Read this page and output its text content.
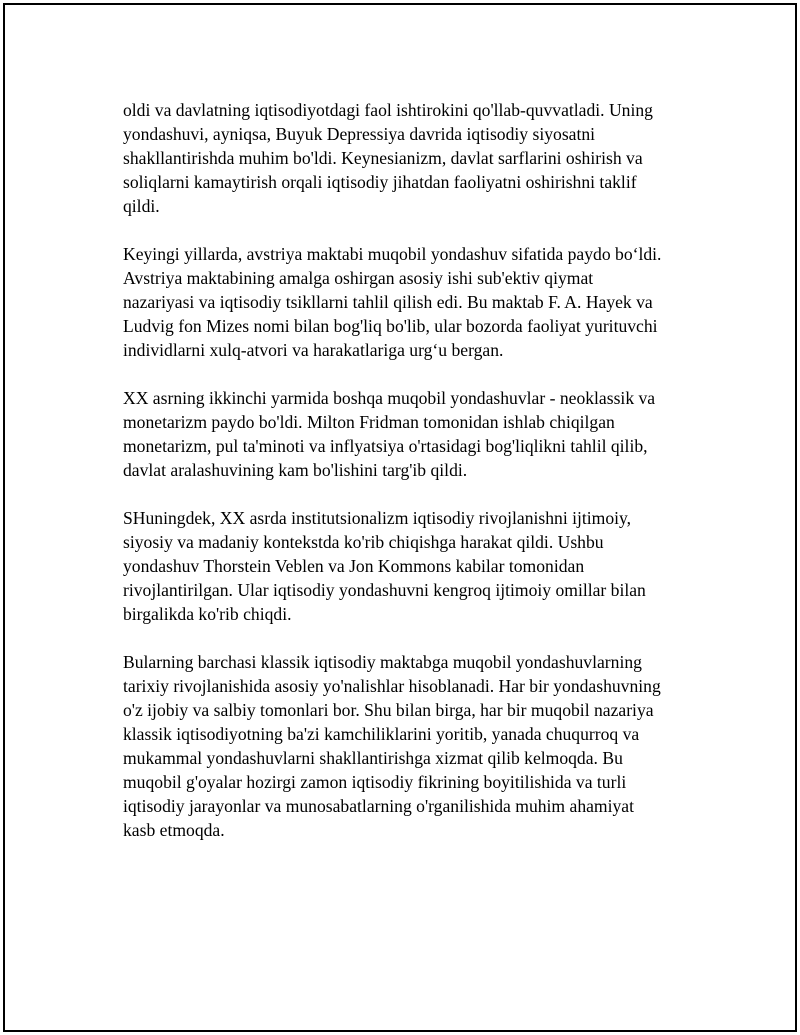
oldi va davlatning iqtisodiyotdagi faol ishtirokini qo'llab-quvvatladi. Uning
yondashuvi, ayniqsa, Buyuk Depressiya davrida iqtisodiy siyosatni
shakllantirishda muhim bo'ldi. Keynesianizm, davlat sarflarini oshirish va
soliqlarni kamaytirish orqali iqtisodiy jihatdan faoliyatni oshirishni taklif
qildi.

Keyingi yillarda, avstriya maktabi muqobil yondashuv sifatida paydo bo‘ldi.
Avstriya maktabining amalga oshirgan asosiy ishi sub'ektiv qiymat
nazariyasi va iqtisodiy tsikllarni tahlil qilish edi. Bu maktab F. A. Hayek va
Ludvig fon Mizes nomi bilan bog'liq bo'lib, ular bozorda faoliyat yurituvchi
individlarni xulq-atvori va harakatlariga urg‘u bergan.

XX asrning ikkinchi yarmida boshqa muqobil yondashuvlar - neoklassik va
monetarizm paydo bo'ldi. Milton Fridman tomonidan ishlab chiqilgan
monetarizm, pul ta'minoti va inflyatsiya o'rtasidagi bog'liqlikni tahlil qilib,
davlat aralashuvining kam bo'lishini targ'ib qildi.

SHuningdek, XX asrda institutsionalizm iqtisodiy rivojlanishni ijtimoiy,
siyosiy va madaniy kontekstda ko'rib chiqishga harakat qildi. Ushbu
yondashuv Thorstein Veblen va Jon Kommons kabilar tomonidan
rivojlantirilgan. Ular iqtisodiy yondashuvni kengroq ijtimoiy omillar bilan
birgalikda ko'rib chiqdi.

Bularning barchasi klassik iqtisodiy maktabga muqobil yondashuvlarning
tarixiy rivojlanishida asosiy yo'nalishlar hisoblanadi. Har bir yondashuvning
o'z ijobiy va salbiy tomonlari bor. Shu bilan birga, har bir muqobil nazariya
klassik iqtisodiyotning ba'zi kamchiliklarini yoritib, yanada chuqurroq va
mukammal yondashuvlarni shakllantirishga xizmat qilib kelmoqda. Bu
muqobil g'oyalar hozirgi zamon iqtisodiy fikrining boyitilishida va turli
iqtisodiy jarayonlar va munosabatlarning o'rganilishida muhim ahamiyat
kasb etmoqda.
